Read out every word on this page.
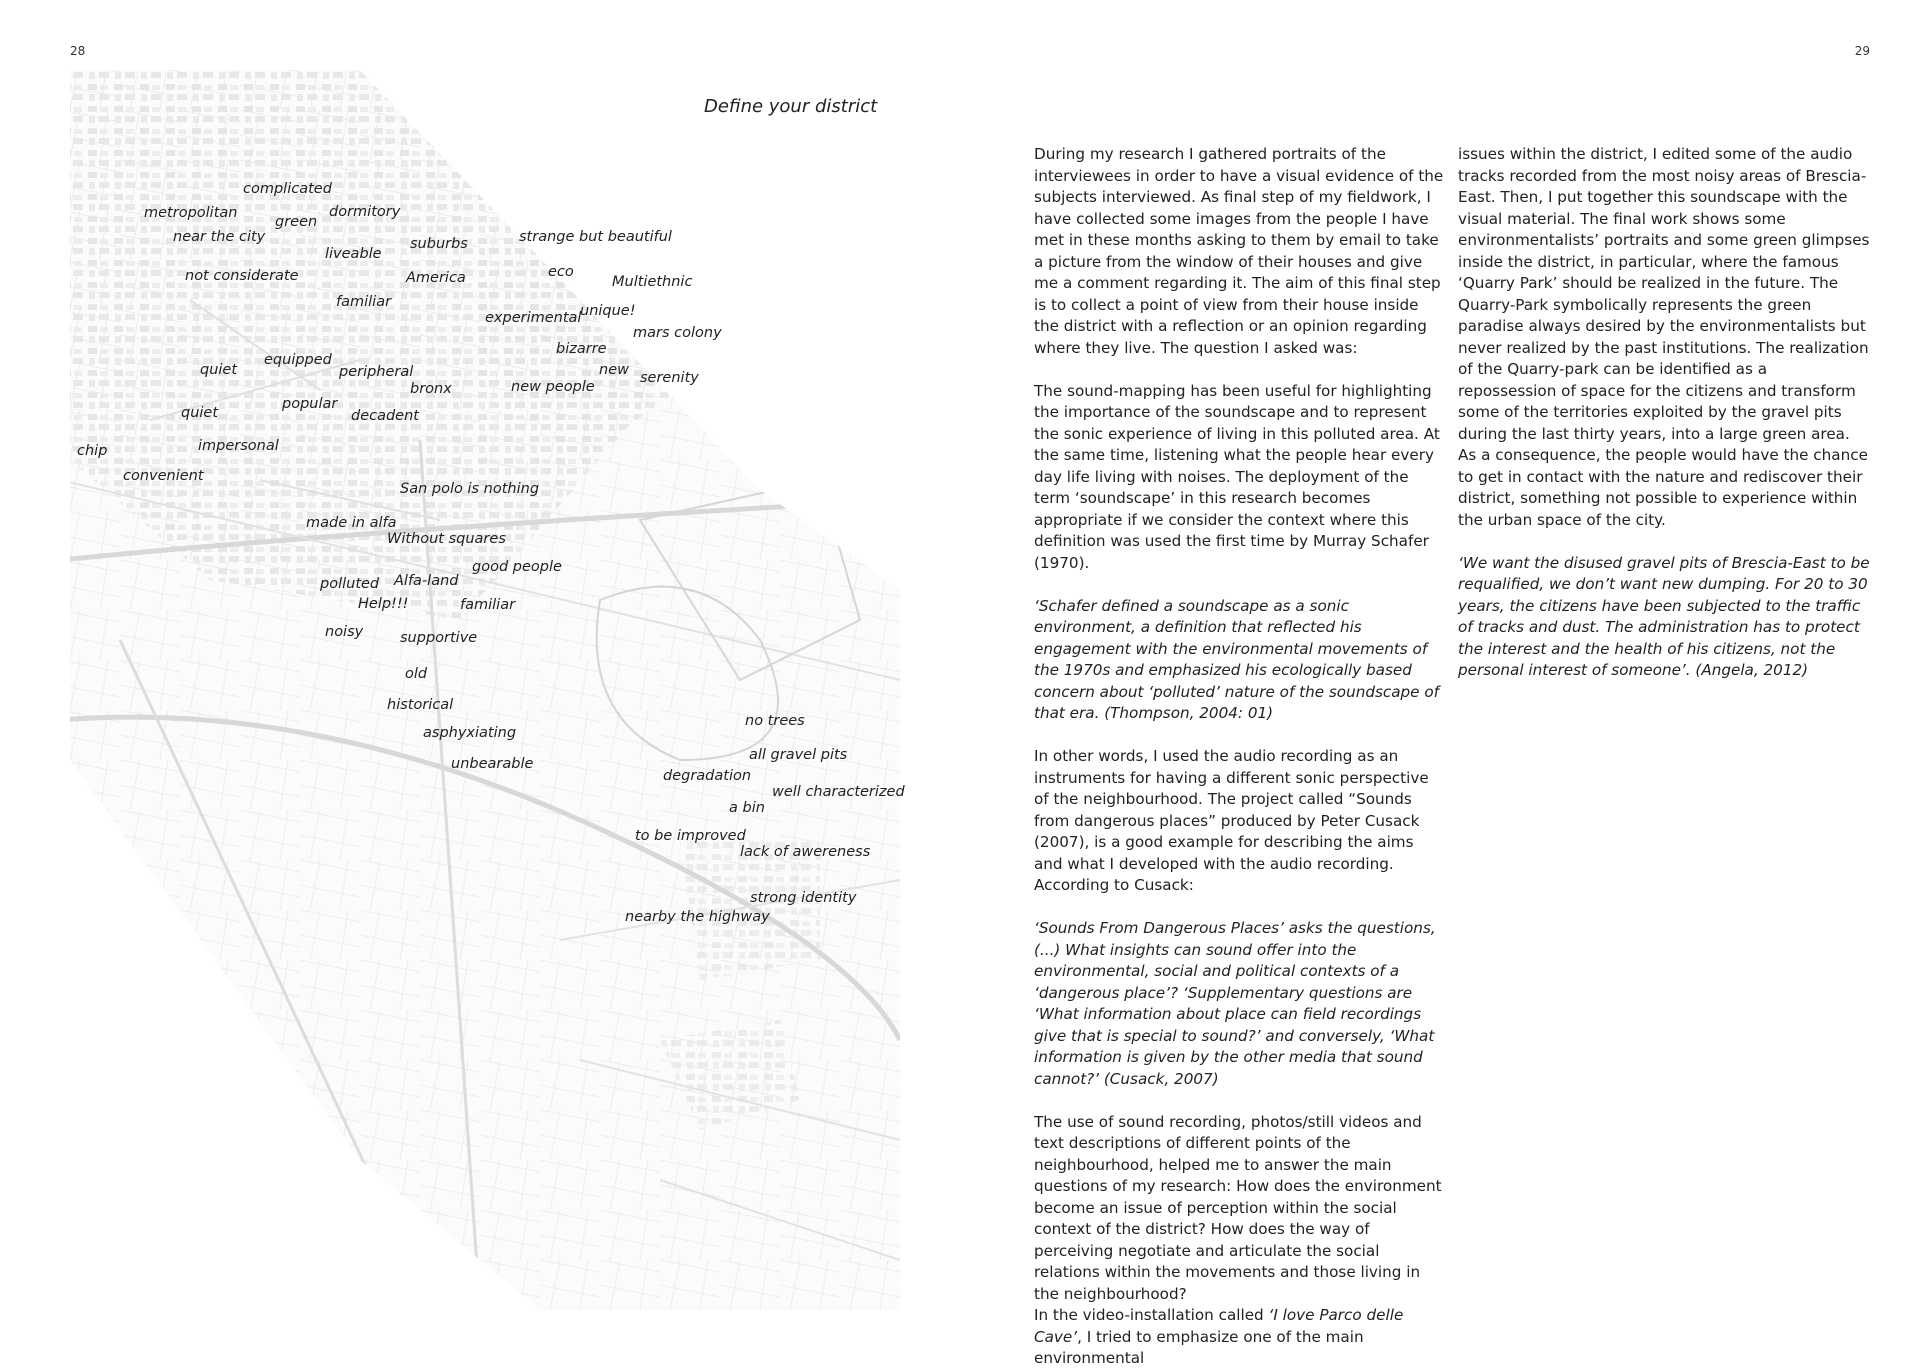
28
Define your district
complicated
metropolitan
green
dormitory
near the city
liveable
suburbs	strange but beautiful
not considerate	America	eco
Multiethnic
familiar
experimental
unique!
mars colony
bizarre
equipped
quiet	peripheral	new serenity
bronx	new people
popular
quiet	decadent
impersonal
chip
convenient
San polo is nothing
made in alfa
Without squares
good people
polluted Alfa-land
Help!!!	familiar
noisy	supportive
old
historical
no trees
asphyxiating
all gravel pits
unbearable
degradation
well characterized
a bin
to be improved
lack of awereness
strong identity
nearby the highway
29

During my research I gathered portraits of the interviewees in order to have a visual evidence of the subjects interviewed. As final step of my fieldwork, I have collected some images from the people I have met in these months asking to them by email to take a picture from the window of their houses and give me a comment regarding it. The aim of this final step is to collect a point of view from their house inside the district with a reflection or an opinion regarding where they live. The question I asked was:

The sound-mapping has been useful for highlighting the importance of the soundscape and to represent the sonic experience of living in this polluted area. At the same time, listening what the people hear every day life living with noises. The deployment of the term ‘soundscape’ in this research becomes appropriate if we consider the context where this definition was used the first time by Murray Schafer (1970).

‘Schafer defined a soundscape as a sonic environment, a definition that reflected his engagement with the environmental movements of the 1970s and emphasized his ecologically based concern about ‘polluted’ nature of the soundscape of that era. (Thompson, 2004: 01)

In other words, I used the audio recording as an instruments for having a different sonic perspective of the neighbourhood. The project called “Sounds from dangerous places” produced by Peter Cusack (2007), is a good example for describing the aims and what I developed with the audio recording. According to Cusack:

‘Sounds From Dangerous Places’ asks the questions, (...) What insights can sound offer into the environmental, social and political contexts of a ‘dangerous place’? ‘Supplementary questions are ‘What information about place can field recordings give that is special to sound?’ and conversely, ‘What information is given by the other media that sound cannot?’ (Cusack, 2007)

The use of sound recording, photos/still videos and text descriptions of different points of the neighbourhood, helped me to answer the main questions of my research: How does the environment become an issue of perception within the social context of the district? How does the way of perceiving negotiate and articulate the social relations within the movements and those living in the neighbourhood?

In the video-installation called ‘I love Parco delle Cave’, I tried to emphasize one of the main environmental

issues within the district, I edited some of the audio tracks recorded from the most noisy areas of Brescia-East. Then, I put together this soundscape with the visual material. The final work shows some environmentalists’ portraits and some green glimpses inside the district, in particular, where the famous ‘Quarry Park’ should be realized in the future. The Quarry-Park symbolically represents the green paradise always desired by the environmentalists but never realized by the past institutions. The realization of the Quarry-park can be identified as a repossession of space for the citizens and transform some of the territories exploited by the gravel pits during the last thirty years, into a large green area. As a consequence, the people would have the chance to get in contact with the nature and rediscover their district, something not possible to experience within the urban space of the city.

‘We want the disused gravel pits of Brescia-East to be requalified, we don’t want new dumping. For 20 to 30 years, the citizens have been subjected to the traffic of tracks and dust. The administration has to protect the interest and the health of his citizens, not the personal interest of someone’. (Angela, 2012)
